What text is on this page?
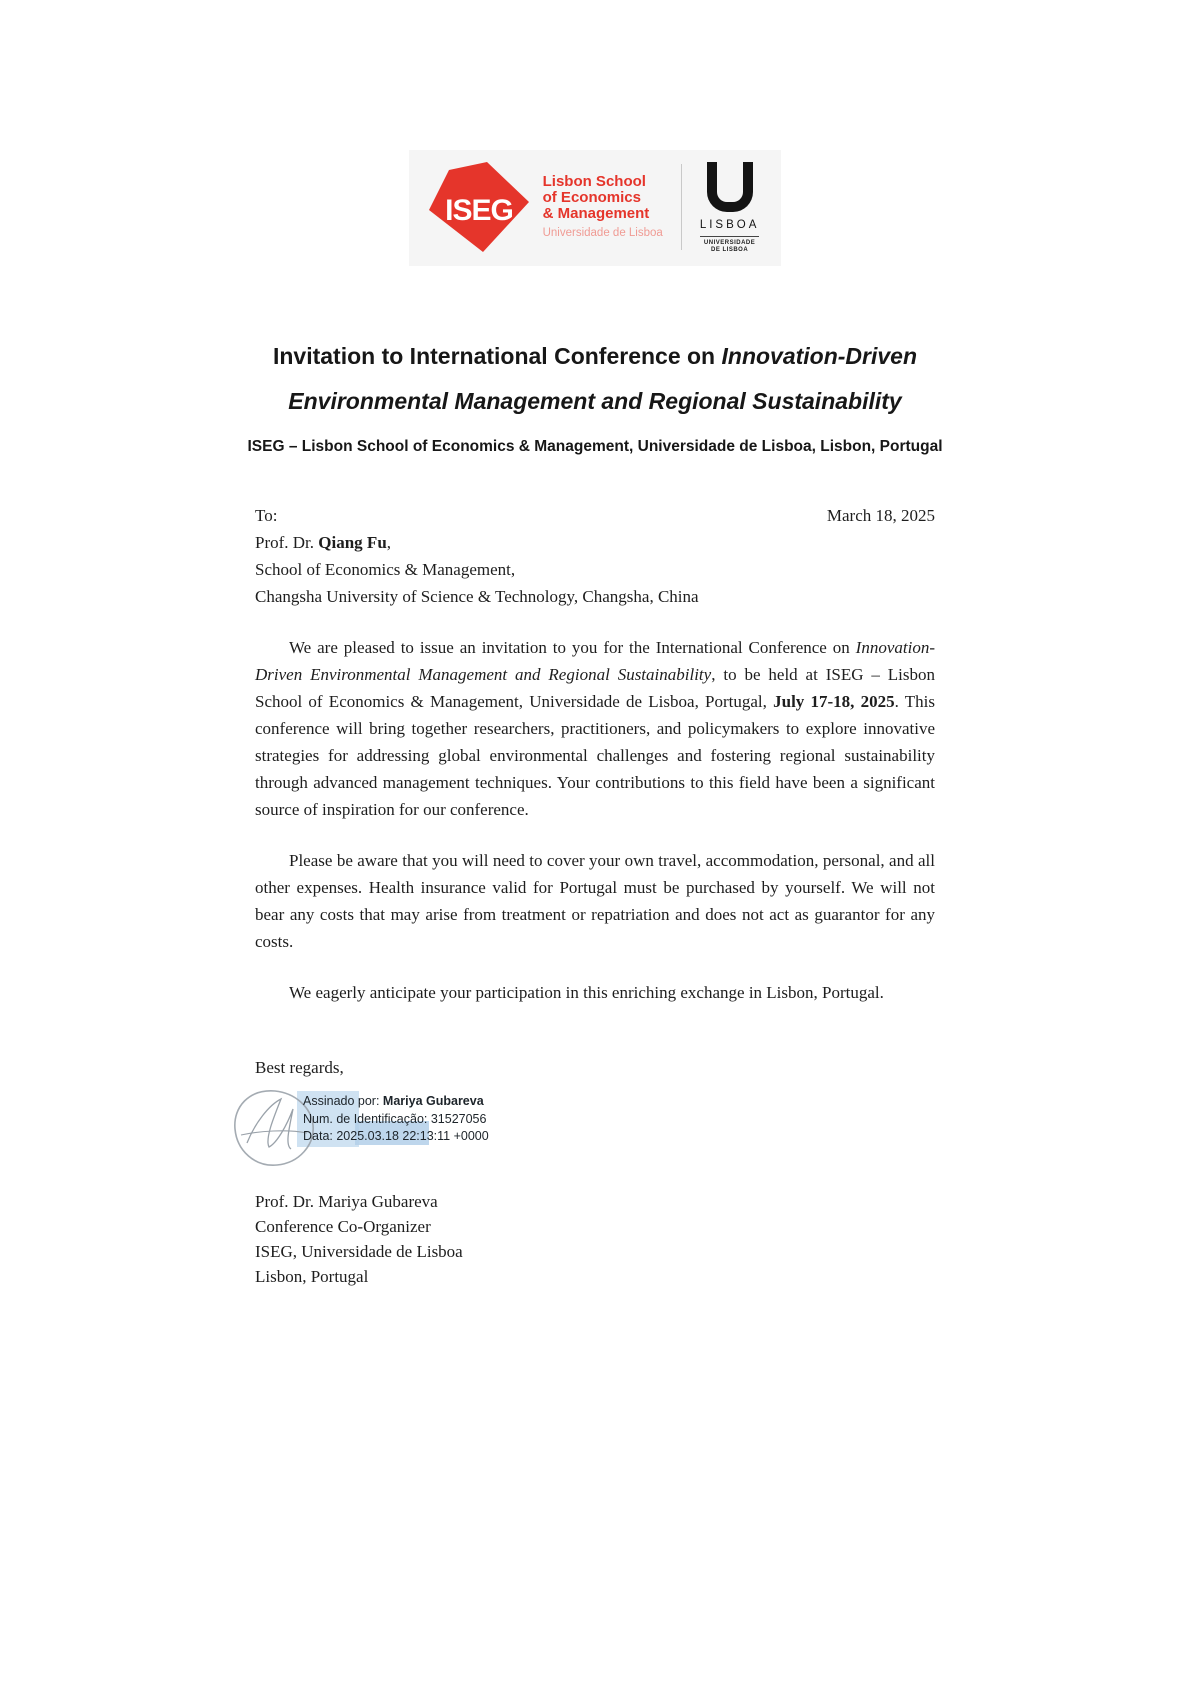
ISEG
Lisbon School
of Economics
& Management
Universidade de Lisboa
LISBOA
UNIVERSIDADE
DE LISBOA
Invitation to International Conference on Innovation-Driven
Environmental Management and Regional Sustainability
ISEG – Lisbon School of Economics & Management, Universidade de Lisboa, Lisbon, Portugal
To:	March 18, 2025
Prof. Dr. Qiang Fu,
School of Economics & Management,
Changsha University of Science & Technology, Changsha, China

We are pleased to issue an invitation to you for the International Conference on Innovation-Driven Environmental Management and Regional Sustainability, to be held at ISEG – Lisbon School of Economics & Management, Universidade de Lisboa, Portugal, July 17-18, 2025. This conference will bring together researchers, practitioners, and policymakers to explore innovative strategies for addressing global environmental challenges and fostering regional sustainability through advanced management techniques. Your contributions to this field have been a significant source of inspiration for our conference.

Please be aware that you will need to cover your own travel, accommodation, personal, and all other expenses. Health insurance valid for Portugal must be purchased by yourself. We will not bear any costs that may arise from treatment or repatriation and does not act as guarantor for any costs.

We eagerly anticipate your participation in this enriching exchange in Lisbon, Portugal.

Best regards,
Assinado por: Mariya Gubareva
Num. de Identificação: 31527056
Data: 2025.03.18 22:13:11 +0000
Prof. Dr. Mariya Gubareva
Conference Co-Organizer
ISEG, Universidade de Lisboa
Lisbon, Portugal
